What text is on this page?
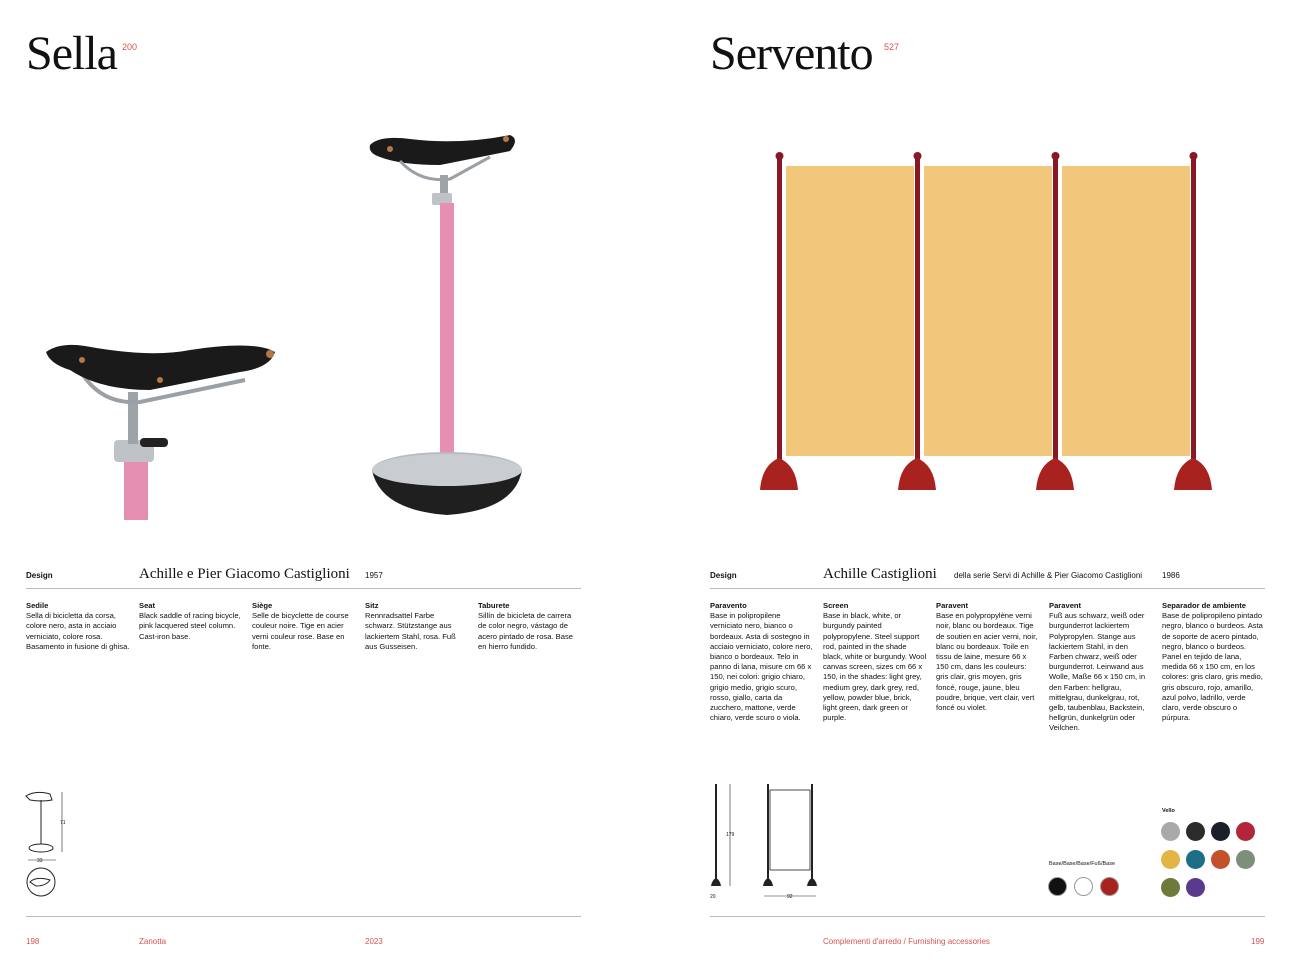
Sella 200
Design	Achille e Pier Giacomo Castiglioni 1957
Sedile
Sella di bicicletta da corsa, colore nero, asta in acciaio verniciato, colore rosa. Basamento in fusione di ghisa.
Seat
Black saddle of racing bicycle, pink lacquered steel column. Cast-iron base.
Siège
Selle de bicyclette de course couleur noire. Tige en acier verni couleur rose. Base en fonte.
Sitz
Rennradsattel Farbe schwarz. Stützstange aus lackiertem Stahl, rosa. Fuß aus Gusseisen.
Taburete
Sillín de bicicleta de carrera de color negro, vástago de acero pintado de rosa. Base en hierro fundido.
71
33
198	Zanotta	2023
Servento 527
Design	Achille Castiglioni della serie Servi di Achille & Pier Giacomo Castiglioni 1986
Paravento
Base in polipropilene verniciato nero, bianco o bordeaux. Asta di sostegno in acciaio verniciato, colore nero, bianco o bordeaux. Telo in panno di lana, misure cm 66 x 150, nei colori: grigio chiaro, grigio medio, grigio scuro, rosso, giallo, carta da zucchero, mattone, verde chiaro, verde scuro o viola.
Screen
Base in black, white, or burgundy painted polypropylene. Steel support rod, painted in the shade black, white or burgundy. Wool canvas screen, sizes cm 66 x 150, in the shades: light grey, medium grey, dark grey, red, yellow, powder blue, brick, light green, dark green or purple.
Paravent
Base en polypropylène verni noir, blanc ou bordeaux. Tige de soutien en acier verni, noir, blanc ou bordeaux. Toile en tissu de laine, mesure 66 x 150 cm, dans les couleurs: gris clair, gris moyen, gris foncé, rouge, jaune, bleu poudre, brique, vert clair, vert foncé ou violet.
Paravent
Fuß aus schwarz, weiß oder burgunderrot lackiertem Polypropylen. Stange aus lackiertem Stahl, in den Farben chwarz, weiß oder burgunderrot. Leinwand aus Wolle, Maße 66 x 150 cm, in den Farben: hellgrau, mittelgrau, dunkelgrau, rot, gelb, taubenblau, Backstein, hellgrün, dunkelgrün oder Veilchen.
Separador de ambiente
Base de polipropileno pintado negro, blanco o burdeos. Asta de soporte de acero pintado, negro, blanco o burdeos. Panel en tejido de lana, medida 66 x 150 cm, en los colores: gris claro, gris medio, gris obscuro, rojo, amarillo, azul polvo, ladrillo, verde claro, verde obscuro o púrpura.
179
20	92
Base/Base/Base/Fuß/Base
Vello
Complementi d'arredo / Furnishing accessories	199
